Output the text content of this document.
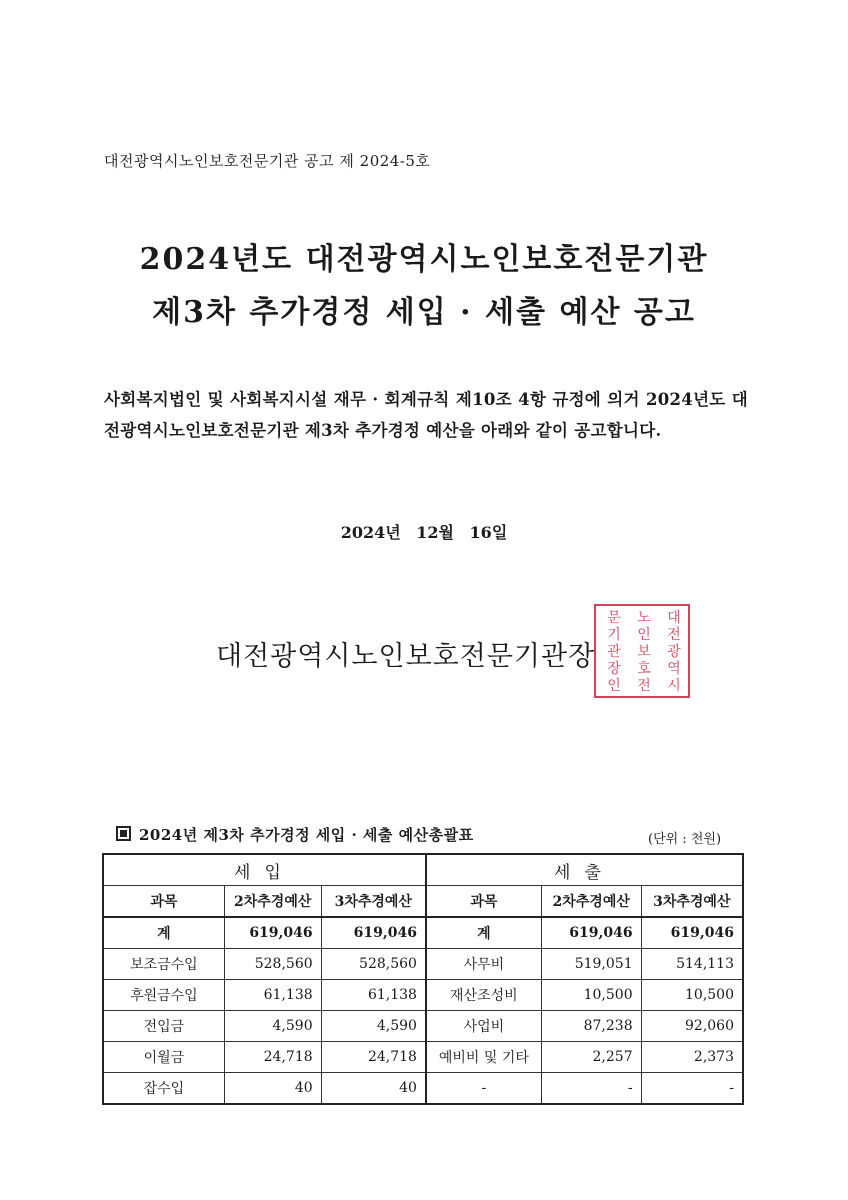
대전광역시노인보호전문기관 공고 제 2024-5호
2024년도 대전광역시노인보호전문기관
제3차 추가경정 세입 · 세출 예산 공고
사회복지법인 및 사회복지시설 재무 · 회계규칙 제10조 4항 규정에 의거 2024년도 대전광역시노인보호전문기관 제3차 추가경정 예산을 아래와 같이 공고합니다.
2024년 12월 16일
대
전
광
역
시
노
인
보
호
전
문
기
관
장
인
대전광역시노인보호전문기관장
2024년 제3차 추가경정 세입 · 세출 예산총괄표	(단위 : 천원)
세입			세출		
과목	2차추경예산	3차추경예산	과목	2차추경예산	3차추경예산
계	619,046	619,046	계	619,046	619,046
보조금수입	528,560	528,560	사무비	519,051	514,113
후원금수입	61,138	61,138	재산조성비	10,500	10,500
전입금	4,590	4,590	사업비	87,238	92,060
이월금	24,718	24,718	예비비 및 기타	2,257	2,373
잡수입	40	40	-	-	-
